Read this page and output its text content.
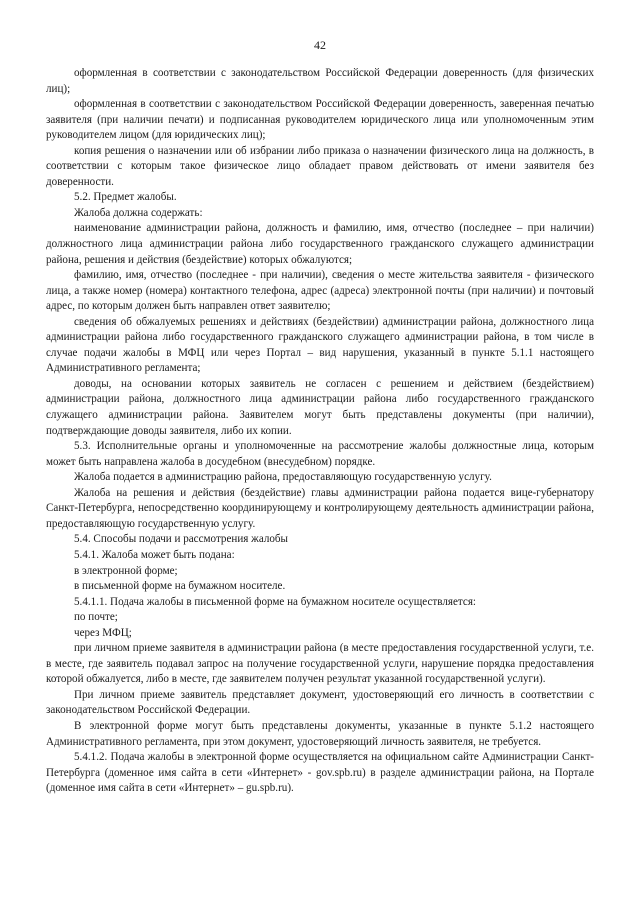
42

оформленная в соответствии с законодательством Российской Федерации доверенность (для физических лиц);

оформленная в соответствии с законодательством Российской Федерации доверенность, заверенная печатью заявителя (при наличии печати) и подписанная руководителем юридического лица или уполномоченным этим руководителем лицом (для юридических лиц);

копия решения о назначении или об избрании либо приказа о назначении физического лица на должность, в соответствии с которым такое физическое лицо обладает правом действовать от имени заявителя без доверенности.

5.2. Предмет жалобы.

Жалоба должна содержать:

наименование администрации района, должность и фамилию, имя, отчество (последнее – при наличии) должностного лица администрации района либо государственного гражданского служащего администрации района, решения и действия (бездействие) которых обжалуются;

фамилию, имя, отчество (последнее - при наличии), сведения о месте жительства заявителя - физического лица, а также номер (номера) контактного телефона, адрес (адреса) электронной почты (при наличии) и почтовый адрес, по которым должен быть направлен ответ заявителю;

сведения об обжалуемых решениях и действиях (бездействии) администрации района, должностного лица администрации района либо государственного гражданского служащего администрации района, в том числе в случае подачи жалобы в МФЦ или через Портал – вид нарушения, указанный в пункте 5.1.1 настоящего Административного регламента;

доводы, на основании которых заявитель не согласен с решением и действием (бездействием) администрации района, должностного лица администрации района либо государственного гражданского служащего администрации района. Заявителем могут быть представлены документы (при наличии), подтверждающие доводы заявителя, либо их копии.

5.3. Исполнительные органы и уполномоченные на рассмотрение жалобы должностные лица, которым может быть направлена жалоба в досудебном (внесудебном) порядке.

Жалоба подается в администрацию района, предоставляющую государственную услугу.

Жалоба на решения и действия (бездействие) главы администрации района подается вице-губернатору Санкт-Петербурга, непосредственно координирующему и контролирующему деятельность администрации района, предоставляющую государственную услугу.

5.4. Способы подачи и рассмотрения жалобы

5.4.1. Жалоба может быть подана:

в электронной форме;

в письменной форме на бумажном носителе.

5.4.1.1. Подача жалобы в письменной форме на бумажном носителе осуществляется:

по почте;

через МФЦ;

при личном приеме заявителя в администрации района (в месте предоставления государственной услуги, т.е. в месте, где заявитель подавал запрос на получение государственной услуги, нарушение порядка предоставления которой обжалуется, либо в месте, где заявителем получен результат указанной государственной услуги).

При личном приеме заявитель представляет документ, удостоверяющий его личность в соответствии с законодательством Российской Федерации.

В электронной форме могут быть представлены документы, указанные в пункте 5.1.2 настоящего Административного регламента, при этом документ, удостоверяющий личность заявителя, не требуется.

5.4.1.2. Подача жалобы в электронной форме осуществляется на официальном сайте Администрации Санкт-Петербурга (доменное имя сайта в сети «Интернет» - gov.spb.ru) в разделе администрации района, на Портале (доменное имя сайта в сети «Интернет» – gu.spb.ru).
